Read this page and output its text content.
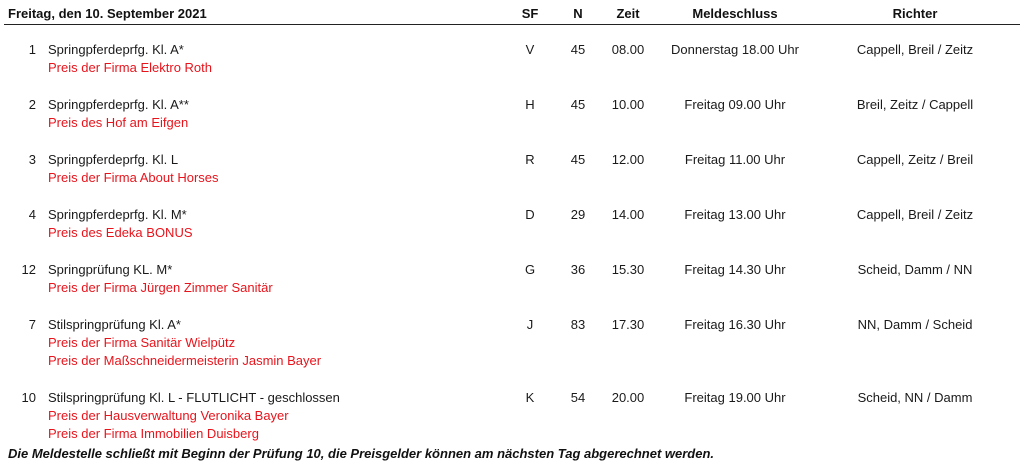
Freitag, den 10. September 2021	SF	N	Zeit	Meldeschluss	Richter
1 Springpferdeprfg. Kl. A*	V	45	08.00	Donnerstag 18.00 Uhr	Cappell, Breil / Zeitz
Preis der Firma Elektro Roth
2 Springpferdeprfg. Kl. A**	H	45	10.00	Freitag 09.00 Uhr	Breil, Zeitz / Cappell
Preis des Hof am Eifgen
3 Springpferdeprfg. Kl. L	R	45	12.00	Freitag 11.00 Uhr	Cappell, Zeitz / Breil
Preis der Firma About Horses
4 Springpferdeprfg. Kl. M*	D	29	14.00	Freitag 13.00 Uhr	Cappell, Breil / Zeitz
Preis des Edeka BONUS
12 Springprüfung KL. M*	G	36	15.30	Freitag 14.30 Uhr	Scheid, Damm / NN
Preis der Firma Jürgen Zimmer Sanitär
7 Stilspringprüfung Kl. A*	J	83	17.30	Freitag 16.30 Uhr	NN, Damm / Scheid
Preis der Firma Sanitär Wielpütz
Preis der Maßschneidermeisterin Jasmin Bayer
10 Stilspringprüfung Kl. L - FLUTLICHT - geschlossen	K	54	20.00	Freitag 19.00 Uhr	Scheid, NN / Damm
Preis der Hausverwaltung Veronika Bayer
Preis der Firma Immobilien Duisberg
Die Meldestelle schließt mit Beginn der Prüfung 10, die Preisgelder können am nächsten Tag abgerechnet werden.
